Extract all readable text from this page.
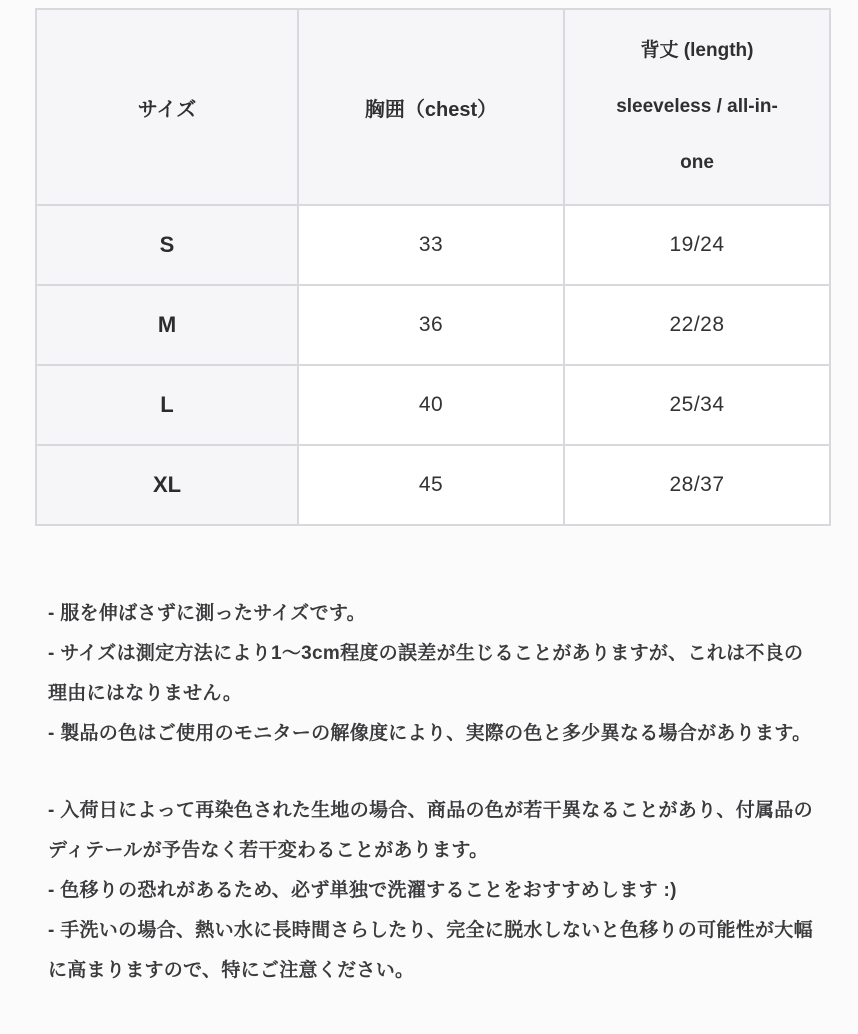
サイズ	胸囲（chest）	背丈 (length)
sleeveless / all-in-
one

S	33	19/24
M	36	22/28
L	40	25/34
XL	45	28/37

- 服を伸ばさずに測ったサイズです。

- サイズは測定方法により1〜3cm程度の誤差が生じることがありますが、これは不良の理由にはなりません。

- 製品の色はご使用のモニターの解像度により、実際の色と多少異なる場合があります。

- 入荷日によって再染色された生地の場合、商品の色が若干異なることがあり、付属品のディテールが予告なく若干変わることがあります。

- 色移りの恐れがあるため、必ず単独で洗濯することをおすすめします :)

- 手洗いの場合、熱い水に長時間さらしたり、完全に脱水しないと色移りの可能性が大幅に高まりますので、特にご注意ください。
